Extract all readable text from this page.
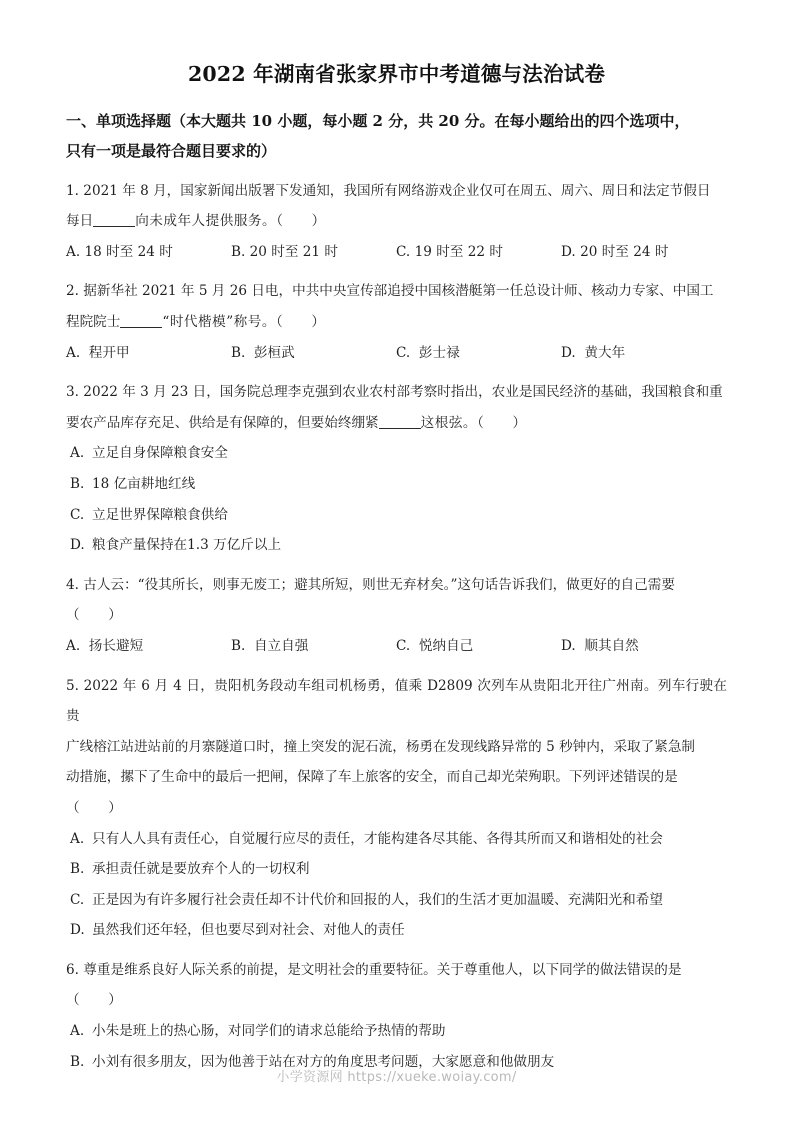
2022 年湖南省张家界市中考道德与法治试卷
一、单项选择题（本大题共 10 小题，每小题 2 分，共 20 分。在每小题给出的四个选项中，
只有一项是最符合题目要求的）
1. 2021 年 8 月，国家新闻出版署下发通知，我国所有网络游戏企业仅可在周五、周六、周日和法定节假日
每日	向未成年人提供服务。（　　）
A. 18 时至 24 时	B. 20 时至 21 时	C. 19 时至 22 时	D. 20 时至 24 时
2. 据新华社 2021 年 5 月 26 日电，中共中央宣传部追授中国核潜艇第一任总设计师、核动力专家、中国工
程院院士	“时代楷模”称号。（　　）
A. 程开甲	B. 彭桓武	C. 彭士禄	D. 黄大年
3. 2022 年 3 月 23 日，国务院总理李克强到农业农村部考察时指出，农业是国民经济的基础，我国粮食和重
要农产品库存充足、供给是有保障的，但要始终绷紧	这根弦。（　　）
A. 立足自身保障粮食安全
B. 18 亿亩耕地红线
C. 立足世界保障粮食供给
D. 粮食产量保持在1.3 万亿斤以上
4. 古人云：“役其所长，则事无废工；避其所短，则世无弃材矣。”这句话告诉我们，做更好的自己需要
（　　）
A. 扬长避短	B. 自立自强	C. 悦纳自己	D. 顺其自然
5. 2022 年 6 月 4 日，贵阳机务段动车组司机杨勇，值乘 D2809 次列车从贵阳北开往广州南。列车行驶在贵
广线榕江站进站前的月寨隧道口时，撞上突发的泥石流，杨勇在发现线路异常的 5 秒钟内，采取了紧急制
动措施，摞下了生命中的最后一把闸，保障了车上旅客的安全，而自己却光荣殉职。下列评述错误的是
（　　）
A. 只有人人具有责任心，自觉履行应尽的责任，才能构建各尽其能、各得其所而又和谐相处的社会
B. 承担责任就是要放弃个人的一切权利
C. 正是因为有许多履行社会责任却不计代价和回报的人，我们的生活才更加温暖、充满阳光和希望
D. 虽然我们还年轻，但也要尽到对社会、对他人的责任
6. 尊重是维系良好人际关系的前提，是文明社会的重要特征。关于尊重他人，以下同学的做法错误的是
（　　）
A. 小朱是班上的热心肠，对同学们的请求总能给予热情的帮助
B. 小刘有很多朋友，因为他善于站在对方的角度思考问题，大家愿意和他做朋友
小学资源网 https://xueke.woiay.com/
